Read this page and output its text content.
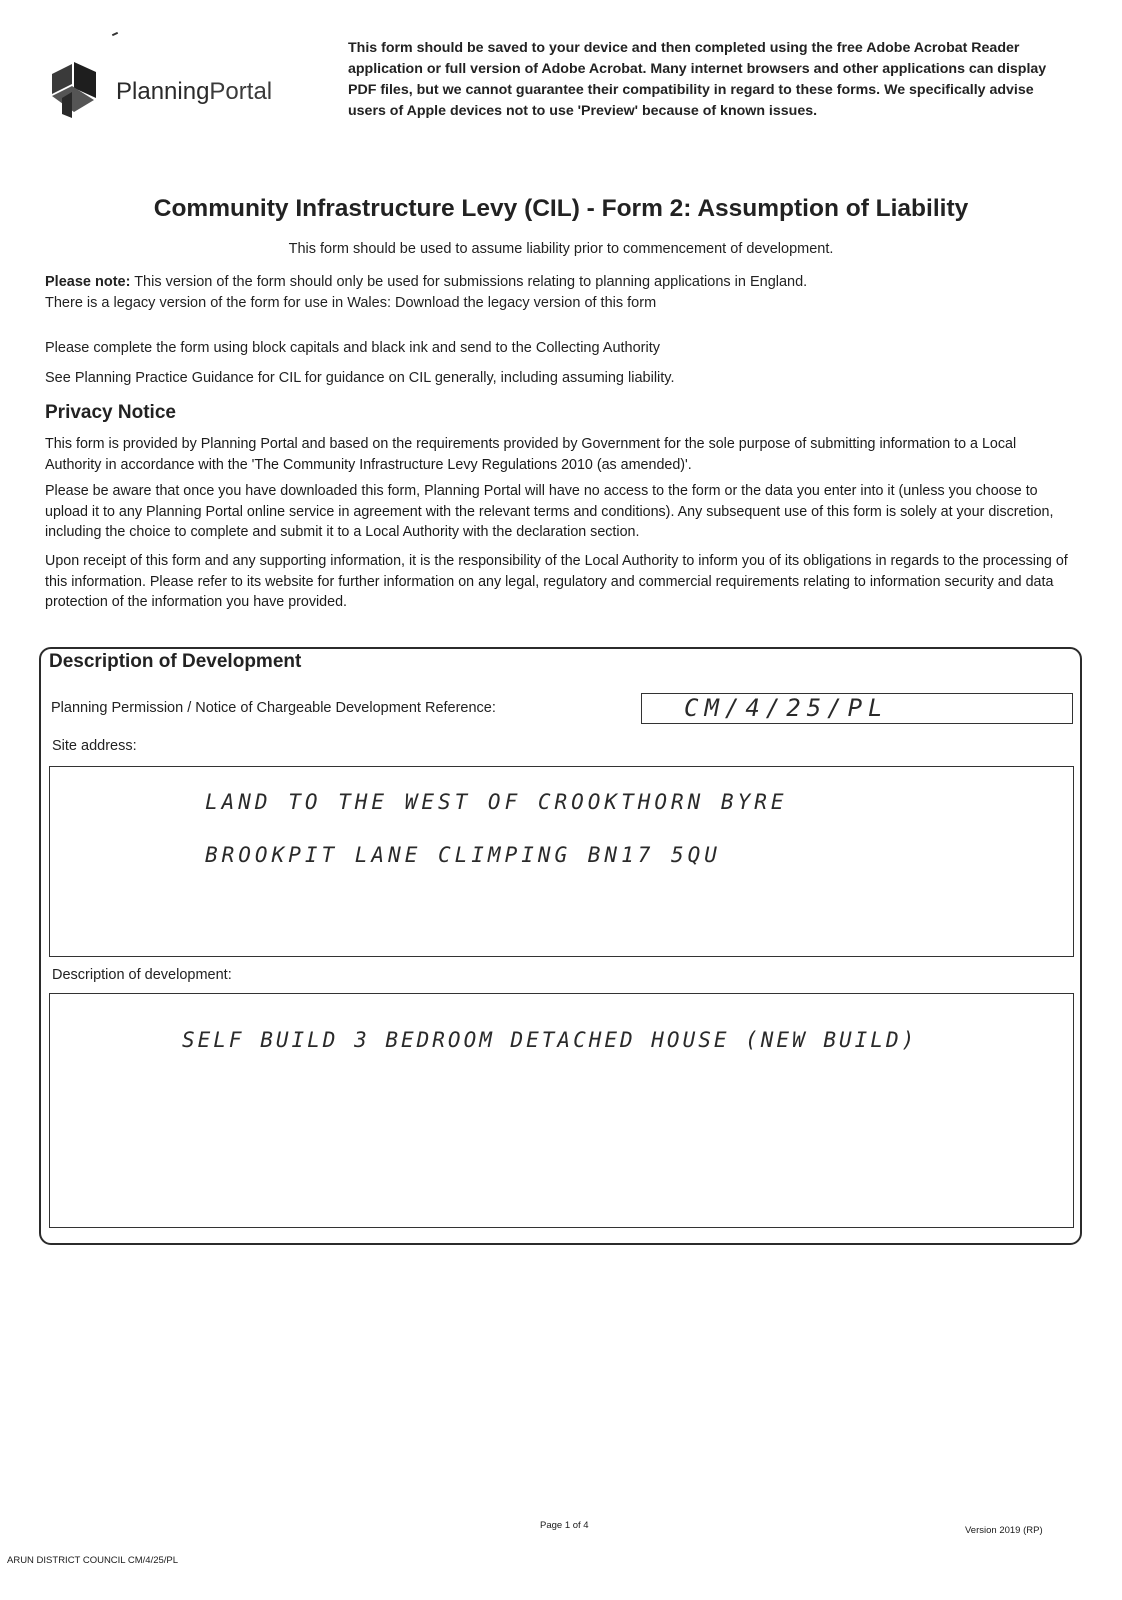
PlanningPortal
This form should be saved to your device and then completed using the free Adobe Acrobat Reader application or full version of Adobe Acrobat. Many internet browsers and other applications can display PDF files, but we cannot guarantee their compatibility in regard to these forms. We specifically advise users of Apple devices not to use 'Preview' because of known issues.
Community Infrastructure Levy (CIL) - Form 2: Assumption of Liability
This form should be used to assume liability prior to commencement of development.
Please note: This version of the form should only be used for submissions relating to planning applications in England.
There is a legacy version of the form for use in Wales: Download the legacy version of this form
Please complete the form using block capitals and black ink and send to the Collecting Authority
See Planning Practice Guidance for CIL for guidance on CIL generally, including assuming liability.
Privacy Notice
This form is provided by Planning Portal and based on the requirements provided by Government for the sole purpose of submitting information to a Local Authority in accordance with the 'The Community Infrastructure Levy Regulations 2010 (as amended)'.
Please be aware that once you have downloaded this form, Planning Portal will have no access to the form or the data you enter into it (unless you choose to upload it to any Planning Portal online service in agreement with the relevant terms and conditions). Any subsequent use of this form is solely at your discretion, including the choice to complete and submit it to a Local Authority with the declaration section.
Upon receipt of this form and any supporting information, it is the responsibility of the Local Authority to inform you of its obligations in regards to the processing of this information. Please refer to its website for further information on any legal, regulatory and commercial requirements relating to information security and data protection of the information you have provided.
Description of Development
Planning Permission / Notice of Chargeable Development Reference:	CM/4/25/PL
Site address:
LAND TO THE WEST OF CROOKTHORN BYRE
BROOKPIT LANE CLIMPING BN17 5QU
Description of development:
SELF BUILD 3 BEDROOM DETACHED HOUSE (NEW BUILD)
Page 1 of 4	Version 2019 (RP)
ARUN DISTRICT COUNCIL CM/4/25/PL
